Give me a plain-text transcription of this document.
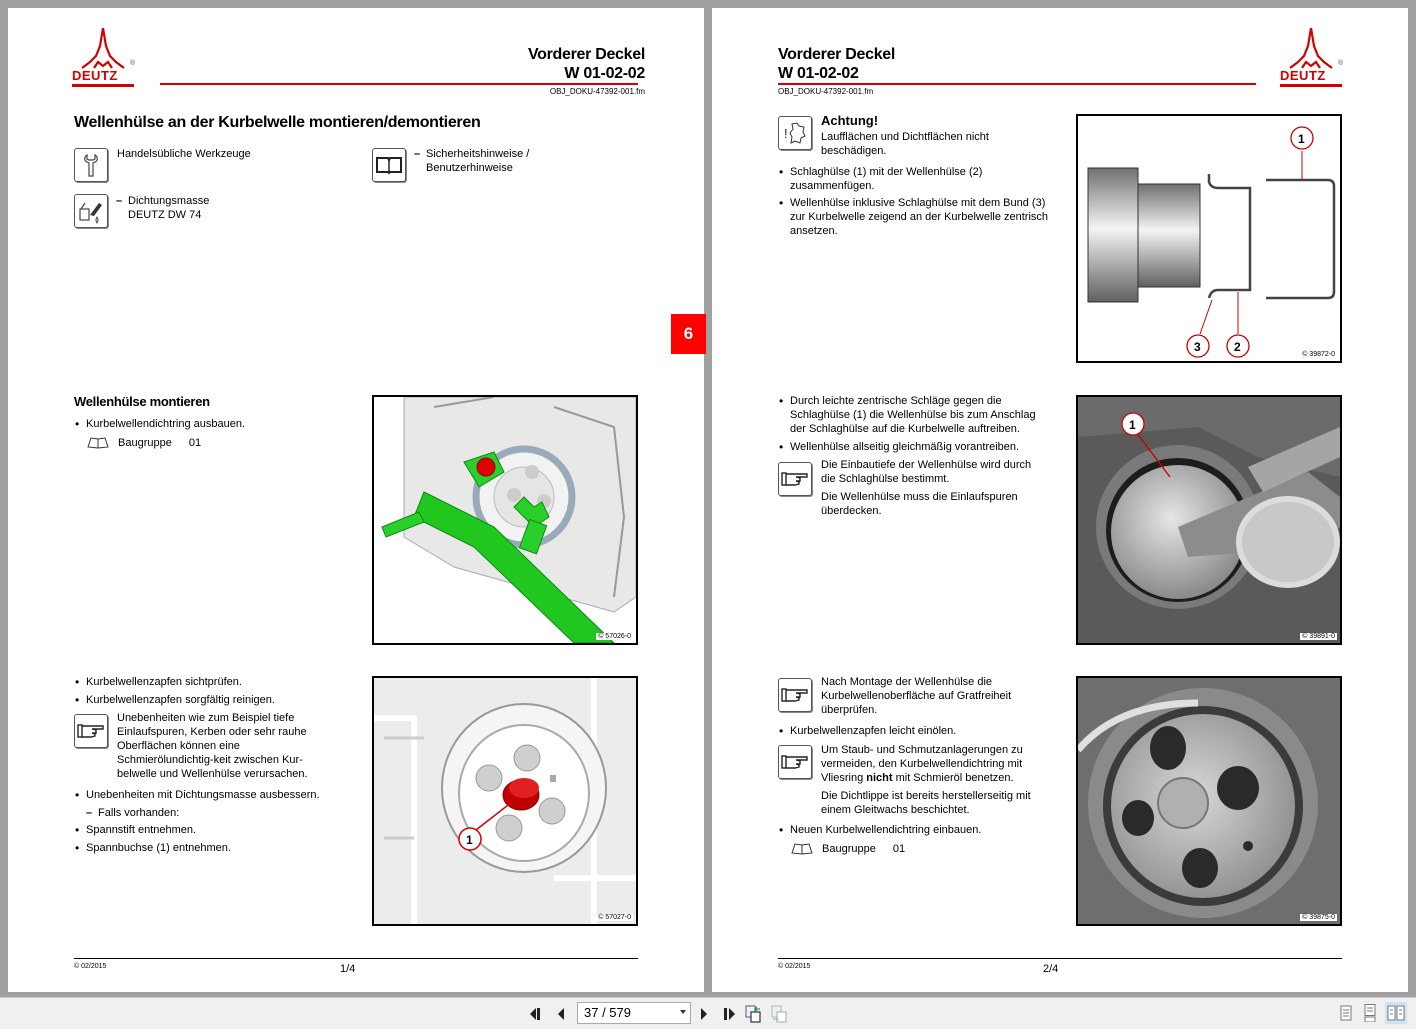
DEUTZ
®
Vorderer Deckel
W 01-02-02
OBJ_DOKU-47392-001.fm
Wellenhülse an der Kurbelwelle montieren/demontieren
Handelsübliche Werkzeuge
– Dichtungsmasse
DEUTZ DW 74
– Sicherheitshinweise /
Benutzerhinweise
Wellenhülse montieren
• Kurbelwellendichtring ausbauen.
Baugruppe 01
© 57026-0
• Kurbelwellenzapfen sichtprüfen.
• Kurbelwellenzapfen sorgfältig reinigen.
Unebenheiten wie zum Beispiel tiefe
Einlaufspuren, Kerben oder sehr rauhe
Oberflächen können eine
Schmierölundichtig-keit zwischen Kur-
belwelle und Wellenhülse verursachen.
• Unebenheiten mit Dichtungsmasse ausbessern.
– Falls vorhanden:
• Spannstift entnehmen.
• Spannbuchse (1) entnehmen.
1
© 57027-0
© 02/2015	1/4
6
Vorderer Deckel
W 01-02-02
OBJ_DOKU-47392-001.fm
DEUTZ
®
!
Achtung!
Laufflächen und Dichtflächen nicht
beschädigen.
• Schlaghülse (1) mit der Wellenhülse (2)
zusammenfügen.
• Wellenhülse inklusive Schlaghülse mit dem Bund (3)
zur Kurbelwelle zeigend an der Kurbelwelle zentrisch
ansetzen.
1
2
3
© 39872-0
• Durch leichte zentrische Schläge gegen die
Schlaghülse (1) die Wellenhülse bis zum Anschlag
der Schlaghülse auf die Kurbelwelle auftreiben.
• Wellenhülse allseitig gleichmäßig vorantreiben.
Die Einbautiefe der Wellenhülse wird durch
die Schlaghülse bestimmt.
Die Wellenhülse muss die Einlaufspuren
überdecken.
1
© 39891-0
Nach Montage der Wellenhülse die
Kurbelwellenoberfläche auf Gratfreiheit
überprüfen.
• Kurbelwellenzapfen leicht einölen.
Um Staub- und Schmutzanlagerungen zu
vermeiden, den Kurbelwellendichtring mit
Vliesring nicht mit Schmieröl benetzen.
Die Dichtlippe ist bereits herstellerseitig mit
einem Gleitwachs beschichtet.
• Neuen Kurbelwellendichtring einbauen.
Baugruppe 01
© 39875-0
© 02/2015	2/4
37 / 579
